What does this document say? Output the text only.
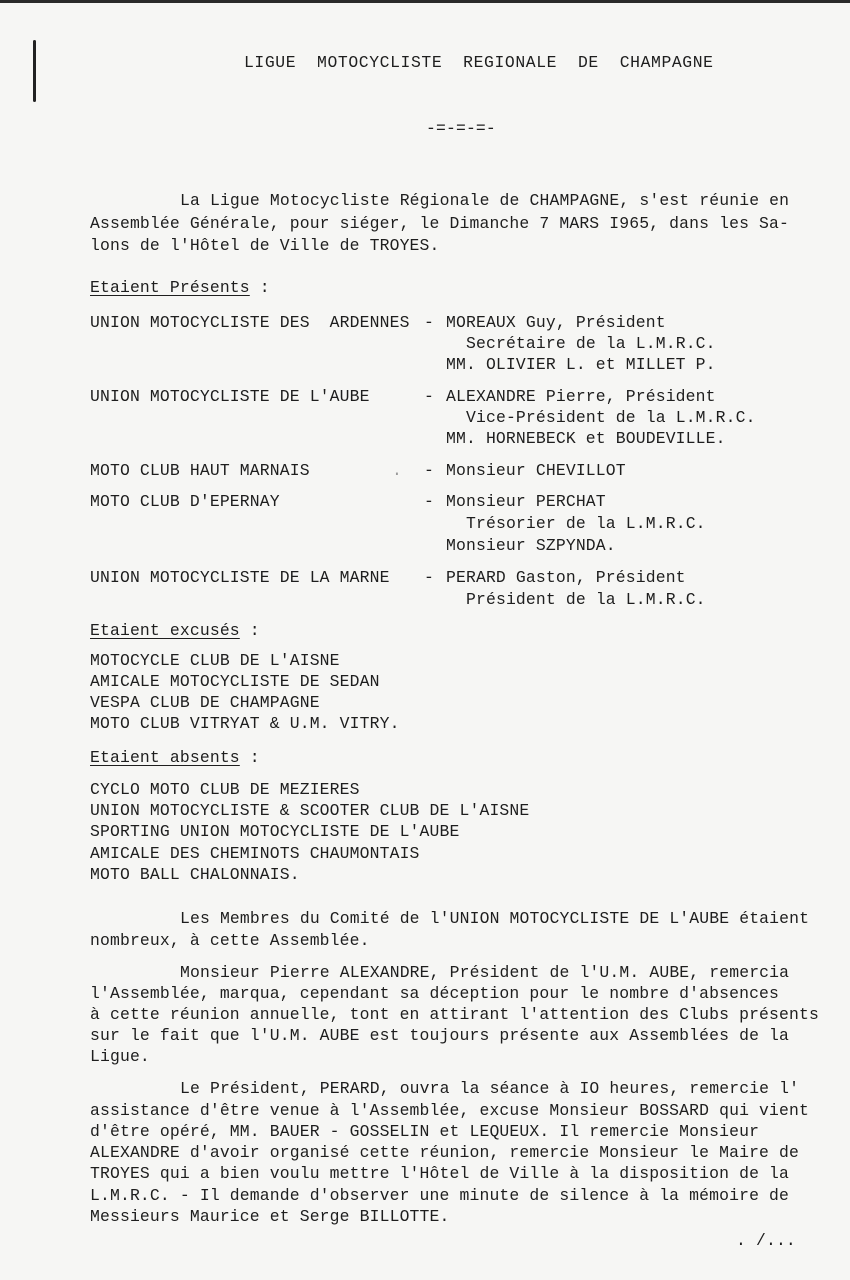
LIGUE  MOTOCYCLISTE  REGIONALE  DE  CHAMPAGNE
-=-=-=-
La Ligue Motocycliste Régionale de CHAMPAGNE, s'est réunie en
Assemblée Générale, pour siéger, le Dimanche 7 MARS I965, dans les Sa-
lons de l'Hôtel de Ville de TROYES.
Etaient Présents :
UNION MOTOCYCLISTE DES  ARDENNES - MOREAUX Guy, Président
Secrétaire de la L.M.R.C.
MM. OLIVIER L. et MILLET P.
UNION MOTOCYCLISTE DE L'AUBE	- ALEXANDRE Pierre, Président
Vice-Président de la L.M.R.C.
MM. HORNEBECK et BOUDEVILLE.
MOTO CLUB HAUT MARNAIS	. - Monsieur CHEVILLOT
MOTO CLUB D'EPERNAY	- Monsieur PERCHAT
Trésorier de la L.M.R.C.
Monsieur SZPYNDA.
UNION MOTOCYCLISTE DE LA MARNE - PERARD Gaston, Président
Président de la L.M.R.C.
Etaient excusés :
MOTOCYCLE CLUB DE L'AISNE
AMICALE MOTOCYCLISTE DE SEDAN
VESPA CLUB DE CHAMPAGNE
MOTO CLUB VITRYAT & U.M. VITRY.
Etaient absents :
CYCLO MOTO CLUB DE MEZIERES
UNION MOTOCYCLISTE & SCOOTER CLUB DE L'AISNE
SPORTING UNION MOTOCYCLISTE DE L'AUBE
AMICALE DES CHEMINOTS CHAUMONTAIS
MOTO BALL CHALONNAIS.
Les Membres du Comité de l'UNION MOTOCYCLISTE DE L'AUBE étaient
nombreux, à cette Assemblée.
Monsieur Pierre ALEXANDRE, Président de l'U.M. AUBE, remercia
l'Assemblée, marqua, cependant sa déception pour le nombre d'absences
à cette réunion annuelle, tont en attirant l'attention des Clubs présents
sur le fait que l'U.M. AUBE est toujours présente aux Assemblées de la
Ligue.
Le Président, PERARD, ouvra la séance à IO heures, remercie l'
assistance d'être venue à l'Assemblée, excuse Monsieur BOSSARD qui vient
d'être opéré, MM. BAUER - GOSSELIN et LEQUEUX. Il remercie Monsieur
ALEXANDRE d'avoir organisé cette réunion, remercie Monsieur le Maire de
TROYES qui a bien voulu mettre l'Hôtel de Ville à la disposition de la
L.M.R.C. - Il demande d'observer une minute de silence à la mémoire de
Messieurs Maurice et Serge BILLOTTE.
. /...
